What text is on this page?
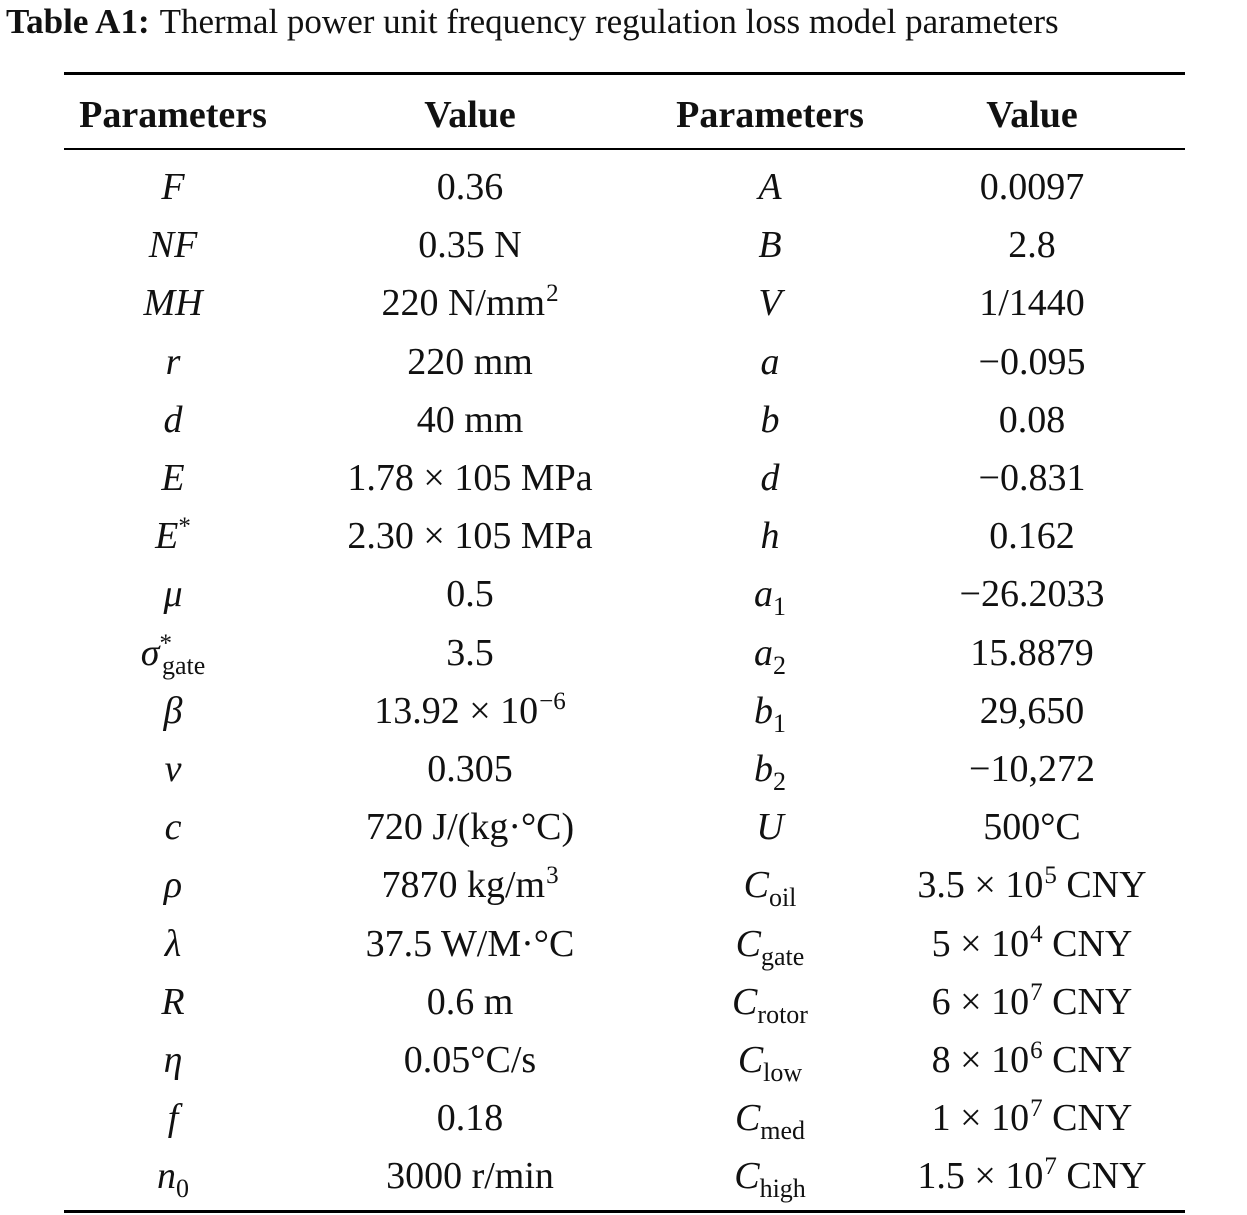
Table A1: Thermal power unit frequency regulation loss model parameters
Parameters	Value	Parameters	Value
F	0.36	A	0.0097
NF	0.35 N	B	2.8
MH	220 $N/mm^2$	V	1/1440
r	220 mm	a	−0.095
d	40 mm	b	0.08
E	1.78 × 105 MPa	d	−0.831
E*	2.30 × 105 MPa	h	0.162
μ	0.5	$a_1$	−26.2033
$\sigma^*_{gate}$	3.5	$a_2$	15.8879
β	$13.92 \times 10^{-6}$	$b_1$	29,650
ν	0.305	$b_2$	−10,272
c	720 J/(kg·°C)	U	500°C
ρ	7870 $kg/m^3$	$C_{oil}$	$3.5 \times 10^5$ CNY
λ	37.5 W/M·°C	$C_{gate}$	$5 \times 10^4$ CNY
R	0.6 m	$C_{rotor}$	$6 \times 10^7$ CNY
η	0.05°C/s	$C_{low}$	$8 \times 10^6$ CNY
f	0.18	$C_{med}$	$1 \times 10^7$ CNY
$n_0$	3000 r/min	$C_{high}$	$1.5 \times 10^7$ CNY
